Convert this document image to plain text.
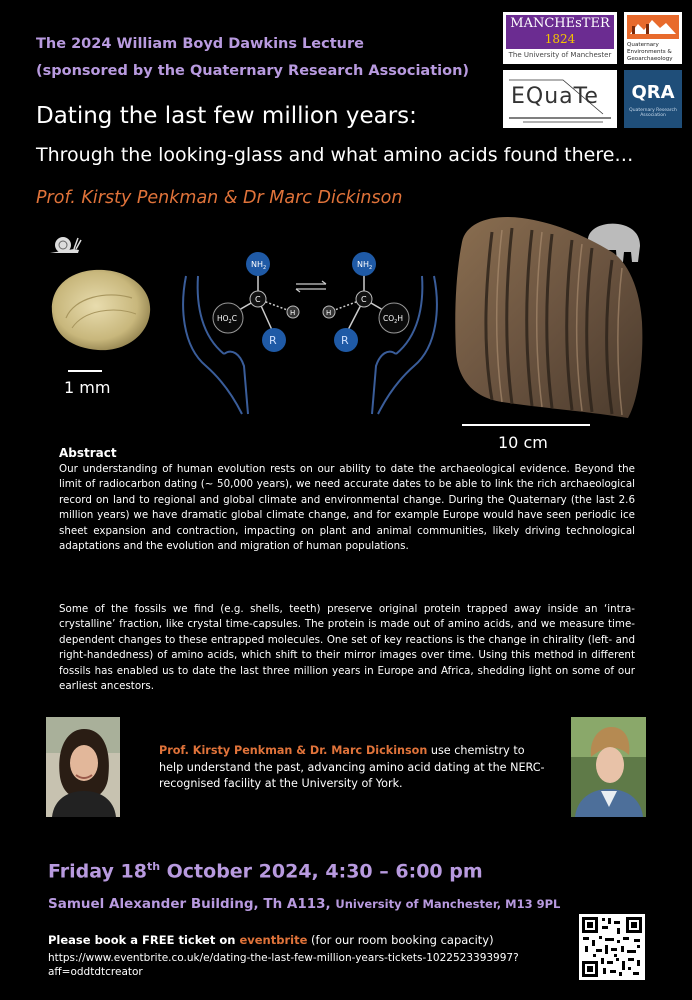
The 2024 William Boyd Dawkins Lecture
(sponsored by the Quaternary Research Association)
Dating the last few million years:
Through the looking-glass and what amino acids found there…
Prof. Kirsty Penkman & Dr Marc Dickinson
MANCHEsTER
1824
The University of Manchester
Quaternary Environments & Geoarchaeology
EQuaTe	QRA
Quaternary Research Association
1 mm
$NH_2$
C
$HO_2C$
H
R
$NH_2$
C
$CO_2H$
H
R
10 cm
Abstract

Our understanding of human evolution rests on our ability to date the archaeological evidence. Beyond the limit of radiocarbon dating (~ 50,000 years), we need accurate dates to be able to link the rich archaeological record on land to regional and global climate and environmental change. During the Quaternary (the last 2.6 million years) we have dramatic global climate change, and for example Europe would have seen periodic ice sheet expansion and contraction, impacting on plant and animal communities, likely driving technological adaptations and the evolution and migration of human populations.

Some of the fossils we find (e.g. shells, teeth) preserve original protein trapped away inside an ‘intra-crystalline’ fraction, like crystal time-capsules. The protein is made out of amino acids, and we measure time-dependent changes to these entrapped molecules. One set of key reactions is the change in chirality (left- and right-handedness) of amino acids, which shift to their mirror images over time. Using this method in different fossils has enabled us to date the last three million years in Europe and Africa, shedding light on some of our earliest ancestors.

Prof. Kirsty Penkman & Dr. Marc Dickinson use chemistry to help understand the past, advancing amino acid dating at the NERC-recognised facility at the University of York.
Friday 18th October 2024, 4:30 – 6:00 pm
Samuel Alexander Building, Th A113, University of Manchester, M13 9PL
Please book a FREE ticket on eventbrite (for our room booking capacity)
https://www.eventbrite.co.uk/e/dating-the-last-few-million-years-tickets-1022523393997?aff=oddtdtcreator
